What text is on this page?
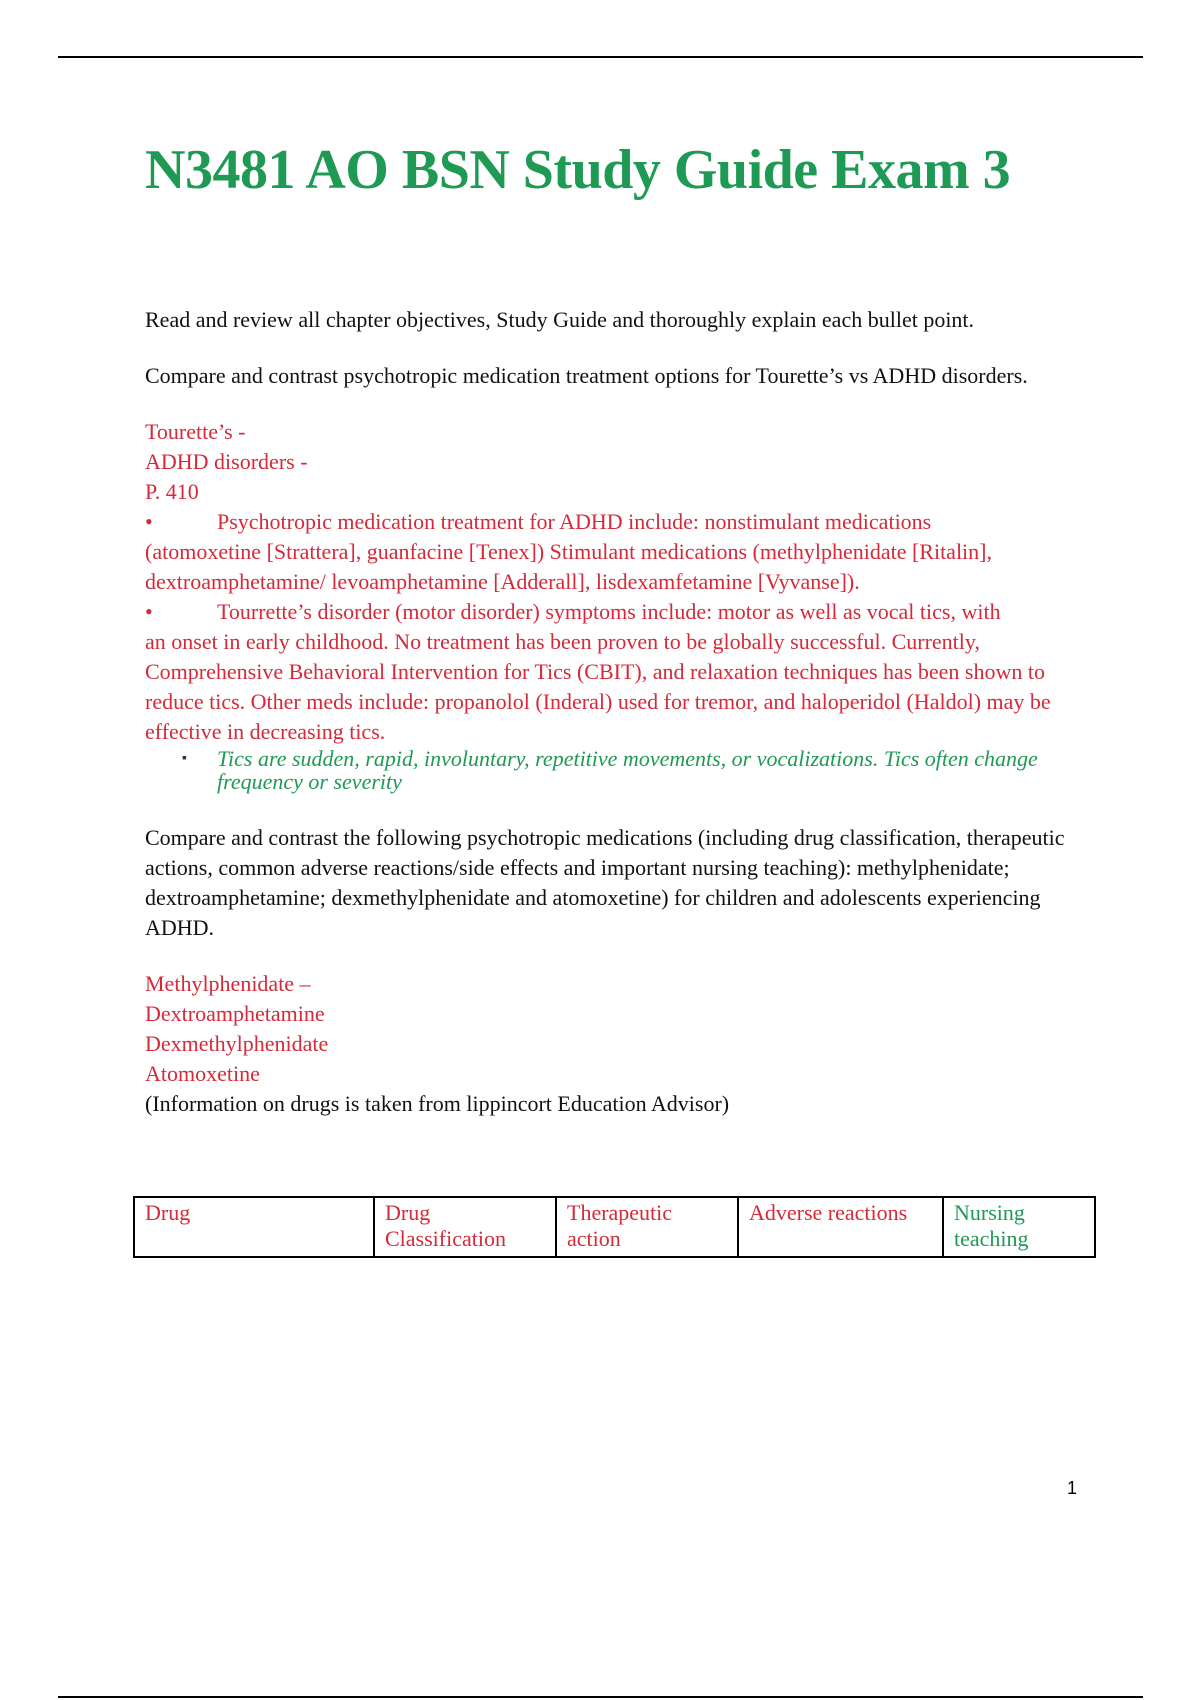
N3481 AO BSN Study Guide Exam 3

Read and review all chapter objectives, Study Guide and thoroughly explain each bullet point.

Compare and contrast psychotropic medication treatment options for Tourette’s vs ADHD disorders.

Tourette’s -

ADHD disorders -

P. 410

•	Psychotropic medication treatment for ADHD include: nonstimulant medications

(atomoxetine [Strattera], guanfacine [Tenex]) Stimulant medications (methylphenidate [Ritalin], dextroamphetamine/ levoamphetamine [Adderall], lisdexamfetamine [Vyvanse]).

•	Tourrette’s disorder (motor disorder) symptoms include: motor as well as vocal tics, with

an onset in early childhood. No treatment has been proven to be globally successful. Currently, Comprehensive Behavioral Intervention for Tics (CBIT), and relaxation techniques has been shown to reduce tics. Other meds include: propanolol (Inderal) used for tremor, and haloperidol (Haldol) may be effective in decreasing tics.

▪ Tics are sudden, rapid, involuntary, repetitive movements, or vocalizations. Tics often change frequency or severity

Compare and contrast the following psychotropic medications (including drug classification, therapeutic actions, common adverse reactions/side effects and important nursing teaching): methylphenidate; dextroamphetamine; dexmethylphenidate and atomoxetine) for children and adolescents experiencing ADHD.

Methylphenidate –

Dextroamphetamine

Dexmethylphenidate

Atomoxetine

(Information on drugs is taken from lippincort Education Advisor)

Drug	Drug Classification	Therapeutic action	Adverse reactions	Nursing teaching
1
